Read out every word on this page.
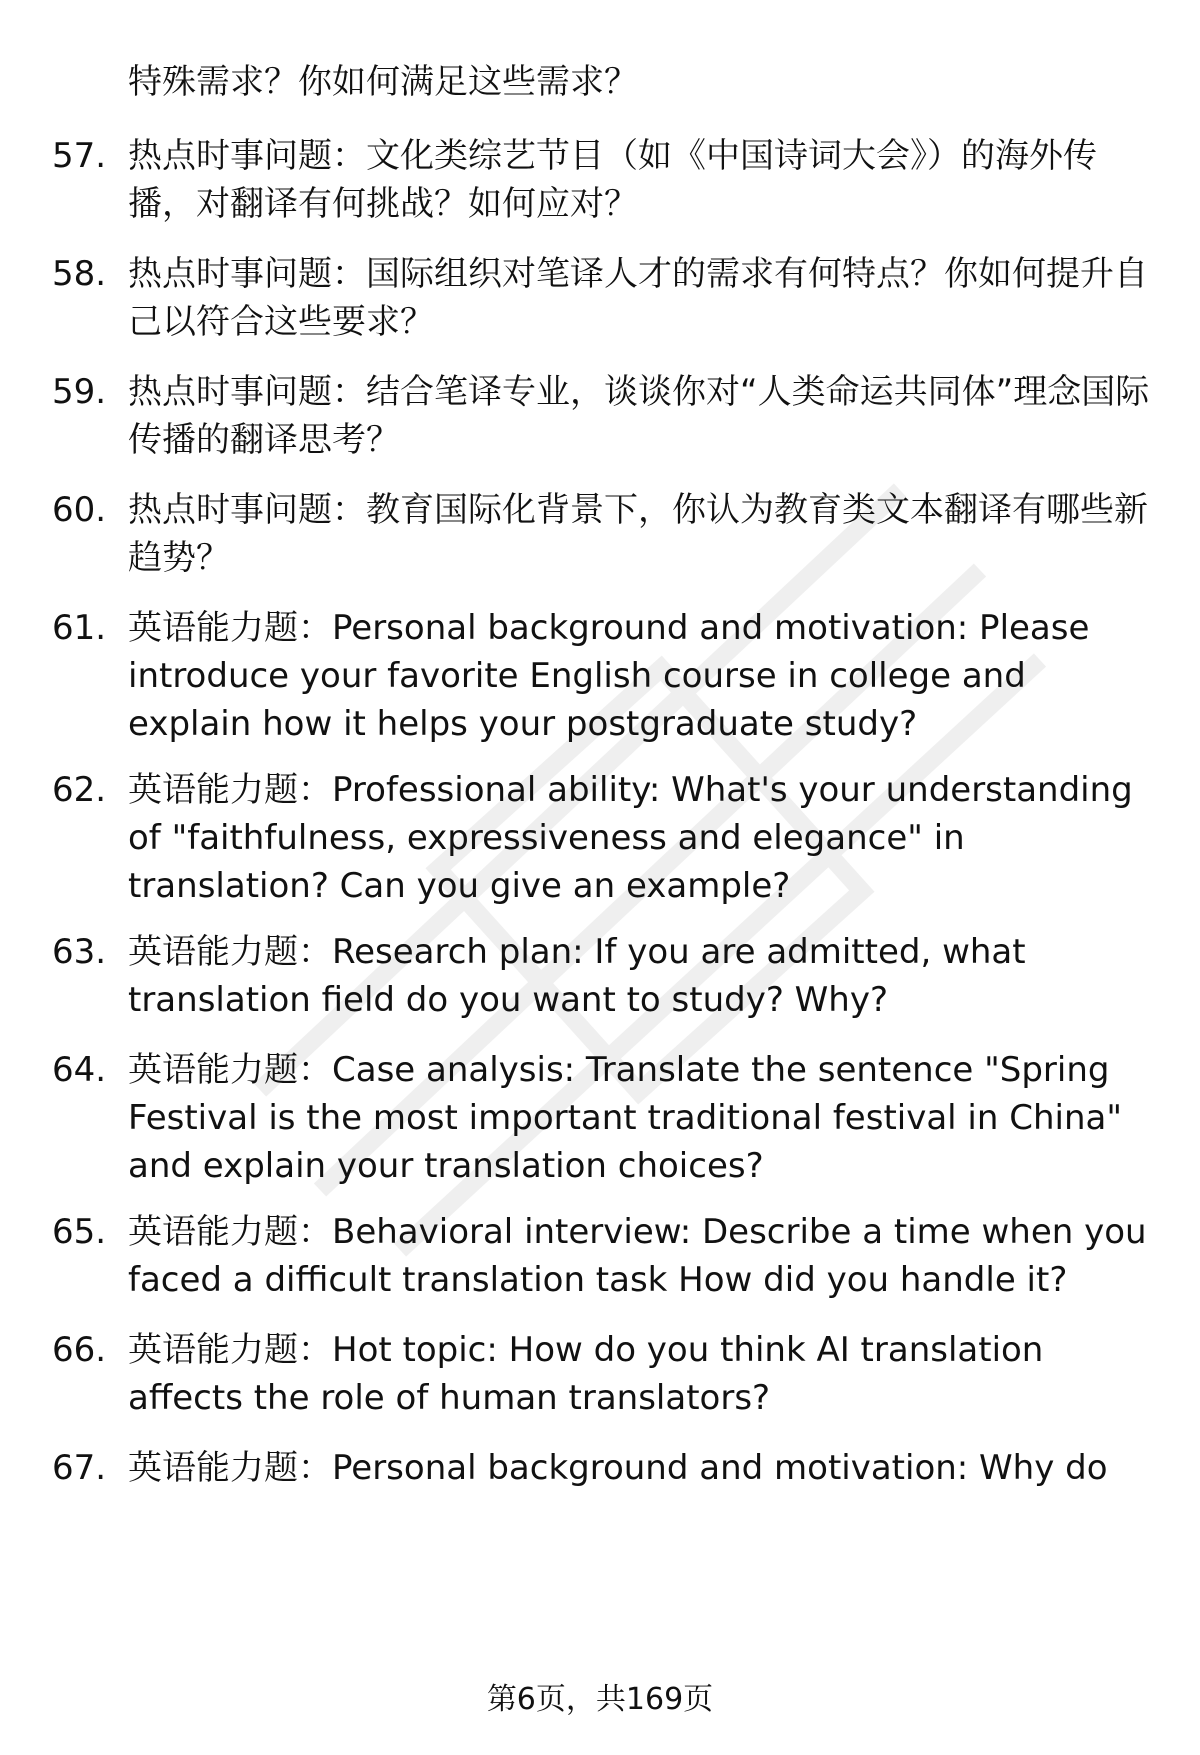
特殊需求？你如何满足这些需求？
57. 热点时事问题：文化类综艺节目（如《中国诗词大会》）的海外传播，对翻译有何挑战？如何应对？
58. 热点时事问题：国际组织对笔译人才的需求有何特点？你如何提升自己以符合这些要求？
59. 热点时事问题：结合笔译专业，谈谈你对“人类命运共同体”理念国际传播的翻译思考？
60. 热点时事问题：教育国际化背景下，你认为教育类文本翻译有哪些新趋势？
61. 英语能力题：Personal background and motivation: Please introduce your favorite English course in college and explain how it helps your postgraduate study?
62. 英语能力题：Professional ability: What's your understanding of "faithfulness, expressiveness and elegance" in translation? Can you give an example?
63. 英语能力题：Research plan: If you are admitted, what translation field do you want to study? Why?
64. 英语能力题：Case analysis: Translate the sentence "Spring Festival is the most important traditional festival in China" and explain your translation choices?
65. 英语能力题：Behavioral interview: Describe a time when you faced a difficult translation task How did you handle it?
66. 英语能力题：Hot topic: How do you think AI translation affects the role of human translators?
67. 英语能力题：Personal background and motivation: Why do
第6页，共169页
